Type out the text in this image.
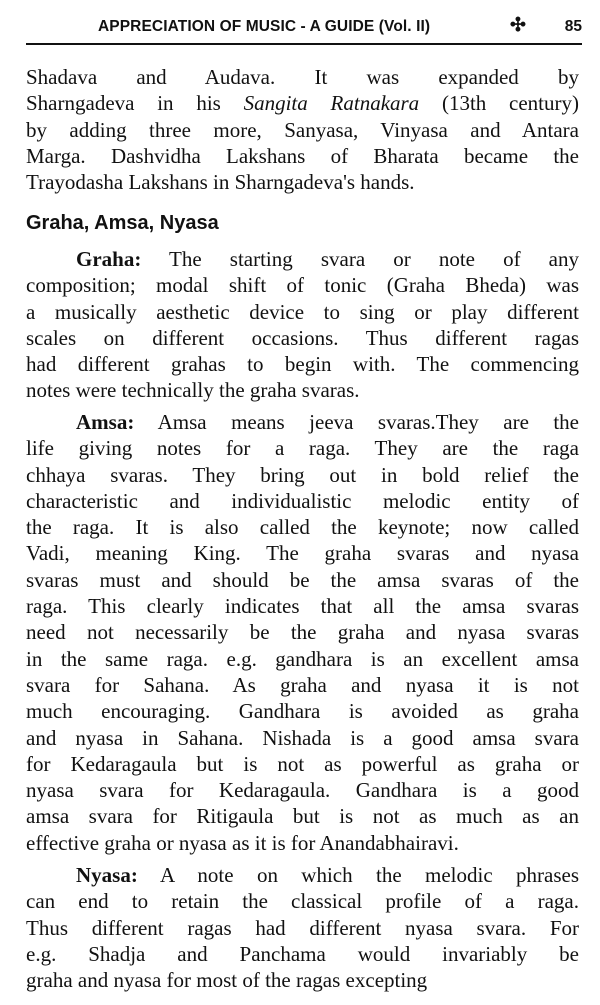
APPRECIATION OF MUSIC - A GUIDE (Vol. II)	✣	85

Shadava and Audava. It was expanded by
Sharngadeva in his Sangita Ratnakara (13th century)
by adding three more, Sanyasa, Vinyasa and Antara
Marga. Dashvidha Lakshans of Bharata became the
Trayodasha Lakshans in Sharngadeva's hands.

Graha, Amsa, Nyasa

Graha: The starting svara or note of any
composition; modal shift of tonic (Graha Bheda) was
a musically aesthetic device to sing or play different
scales on different occasions. Thus different ragas
had different grahas to begin with. The commencing
notes were technically the graha svaras.

Amsa: Amsa means jeeva svaras.They are the
life giving notes for a raga. They are the raga
chhaya svaras. They bring out in bold relief the
characteristic and individualistic melodic entity of
the raga. It is also called the keynote; now called
Vadi, meaning King. The graha svaras and nyasa
svaras must and should be the amsa svaras of the
raga. This clearly indicates that all the amsa svaras
need not necessarily be the graha and nyasa svaras
in the same raga. e.g. gandhara is an excellent amsa
svara for Sahana. As graha and nyasa it is not
much encouraging. Gandhara is avoided as graha
and nyasa in Sahana. Nishada is a good amsa svara
for Kedaragaula but is not as powerful as graha or
nyasa svara for Kedaragaula. Gandhara is a good
amsa svara for Ritigaula but is not as much as an
effective graha or nyasa as it is for Anandabhairavi.

Nyasa: A note on which the melodic phrases
can end to retain the classical profile of a raga.
Thus different ragas had different nyasa svara. For
e.g. Shadja and Panchama would invariably be
graha and nyasa for most of the ragas excepting
